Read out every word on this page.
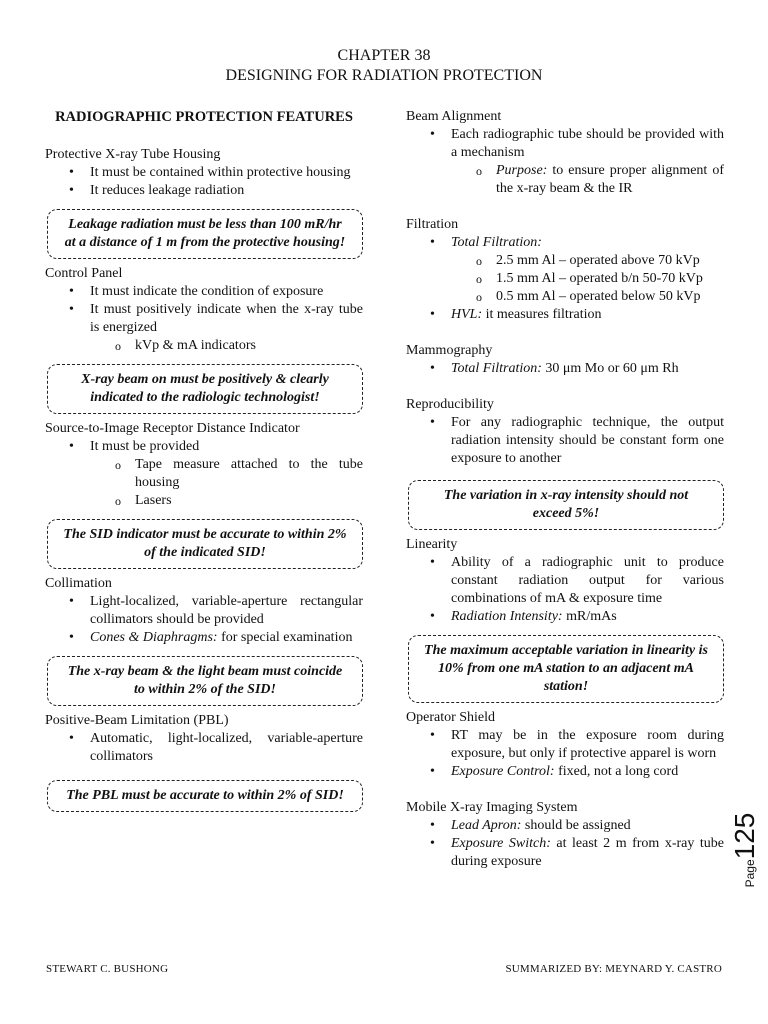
CHAPTER 38
DESIGNING FOR RADIATION PROTECTION
RADIOGRAPHIC PROTECTION FEATURES
Protective X-ray Tube Housing
• It must be contained within protective housing
• It reduces leakage radiation
Leakage radiation must be less than 100 mR/hr at a distance of 1 m from the protective housing!
Control Panel
• It must indicate the condition of exposure
• It must positively indicate when the x-ray tube is energized
o kVp & mA indicators
X-ray beam on must be positively & clearly indicated to the radiologic technologist!
Source-to-Image Receptor Distance Indicator
• It must be provided
o Tape measure attached to the tube housing
o Lasers
The SID indicator must be accurate to within 2% of the indicated SID!
Collimation
• Light-localized, variable-aperture rectangular collimators should be provided
• Cones & Diaphragms: for special examination
The x-ray beam & the light beam must coincide to within 2% of the SID!
Positive-Beam Limitation (PBL)
• Automatic, light-localized, variable-aperture collimators
The PBL must be accurate to within 2% of SID!
Beam Alignment
• Each radiographic tube should be provided with a mechanism
o Purpose: to ensure proper alignment of the x-ray beam & the IR
Filtration
• Total Filtration:
o 2.5 mm Al – operated above 70 kVp
o 1.5 mm Al – operated b/n 50-70 kVp
o 0.5 mm Al – operated below 50 kVp
• HVL: it measures filtration
Mammography
• Total Filtration: 30 μm Mo or 60 μm Rh
Reproducibility
• For any radiographic technique, the output radiation intensity should be constant form one exposure to another
The variation in x-ray intensity should not exceed 5%!
Linearity
• Ability of a radiographic unit to produce constant radiation output for various combinations of mA & exposure time
• Radiation Intensity: mR/mAs
The maximum acceptable variation in linearity is 10% from one mA station to an adjacent mA station!
Operator Shield
• RT may be in the exposure room during exposure, but only if protective apparel is worn
• Exposure Control: fixed, not a long cord
Mobile X-ray Imaging System
• Lead Apron: should be assigned
• Exposure Switch: at least 2 m from x-ray tube during exposure	Page125
STEWART C. BUSHONG	SUMMARIZED BY: MEYNARD Y. CASTRO
